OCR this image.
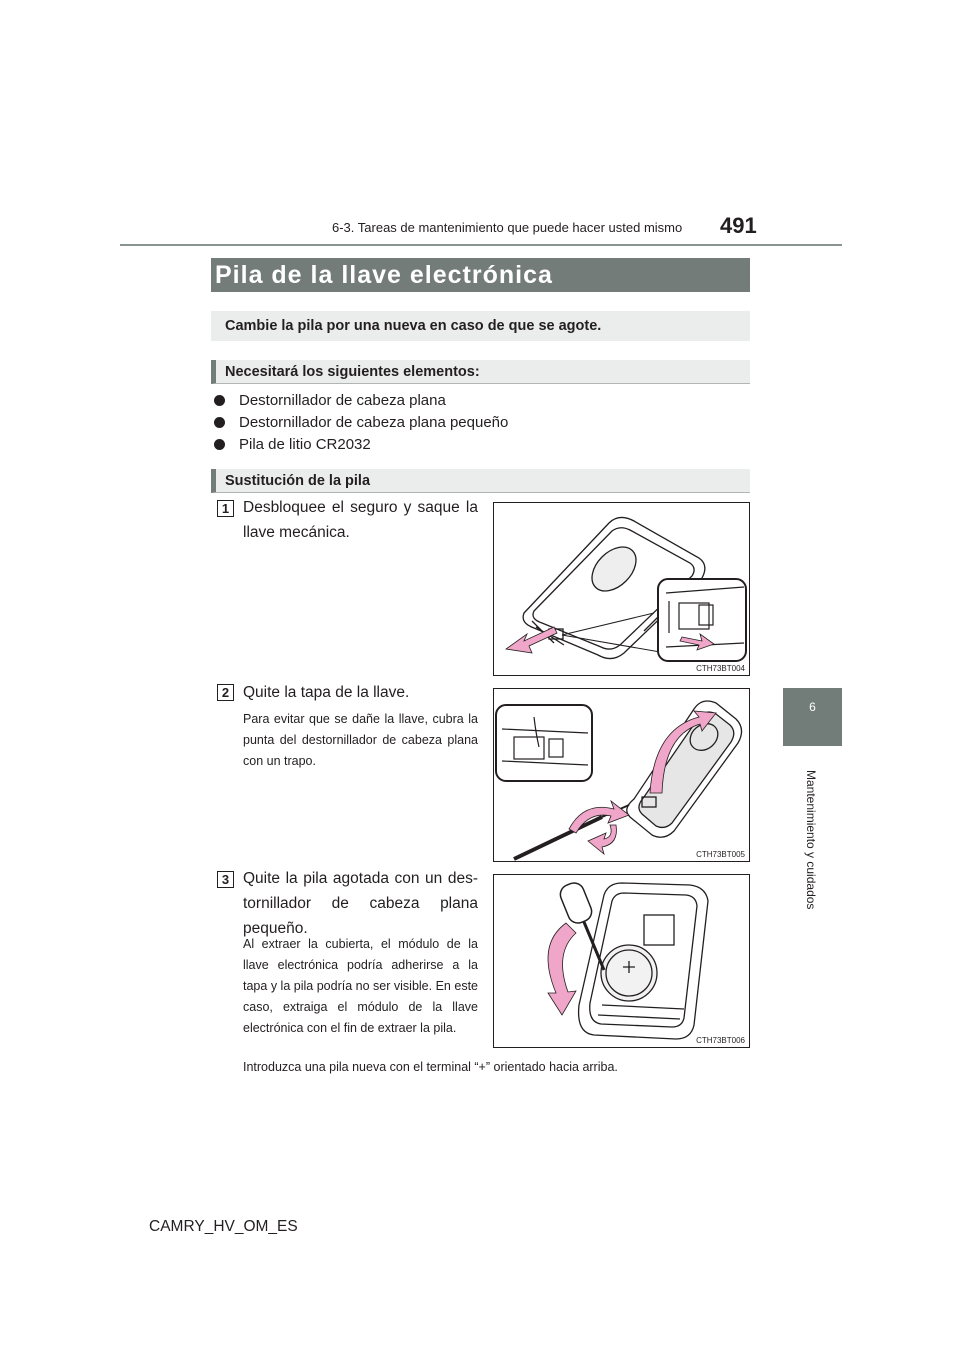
6-3. Tareas de mantenimiento que puede hacer usted mismo 491
6
Mantenimiento y cuidados
Pila de la llave electrónica
Cambie la pila por una nueva en caso de que se agote.
Necesitará los siguientes elementos:
Destornillador de cabeza plana
Destornillador de cabeza plana pequeño
Pila de litio CR2032
Sustitución de la pila
1 Desbloquee el seguro y saque la llave mecánica.
CTH73BT004
2 Quite la tapa de la llave.
Para evitar que se dañe la llave, cubra la punta del destornillador de cabeza plana con un trapo.
CTH73BT005
3 Quite la pila agotada con un des-tornillador de cabeza plana pequeño.
Al extraer la cubierta, el módulo de la llave electrónica podría adherirse a la tapa y la pila podría no ser visible. En este caso, extraiga el módulo de la llave electrónica con el fin de extraer la pila.
CTH73BT006
Introduzca una pila nueva con el terminal “+” orientado hacia arriba.
CAMRY_HV_OM_ES
